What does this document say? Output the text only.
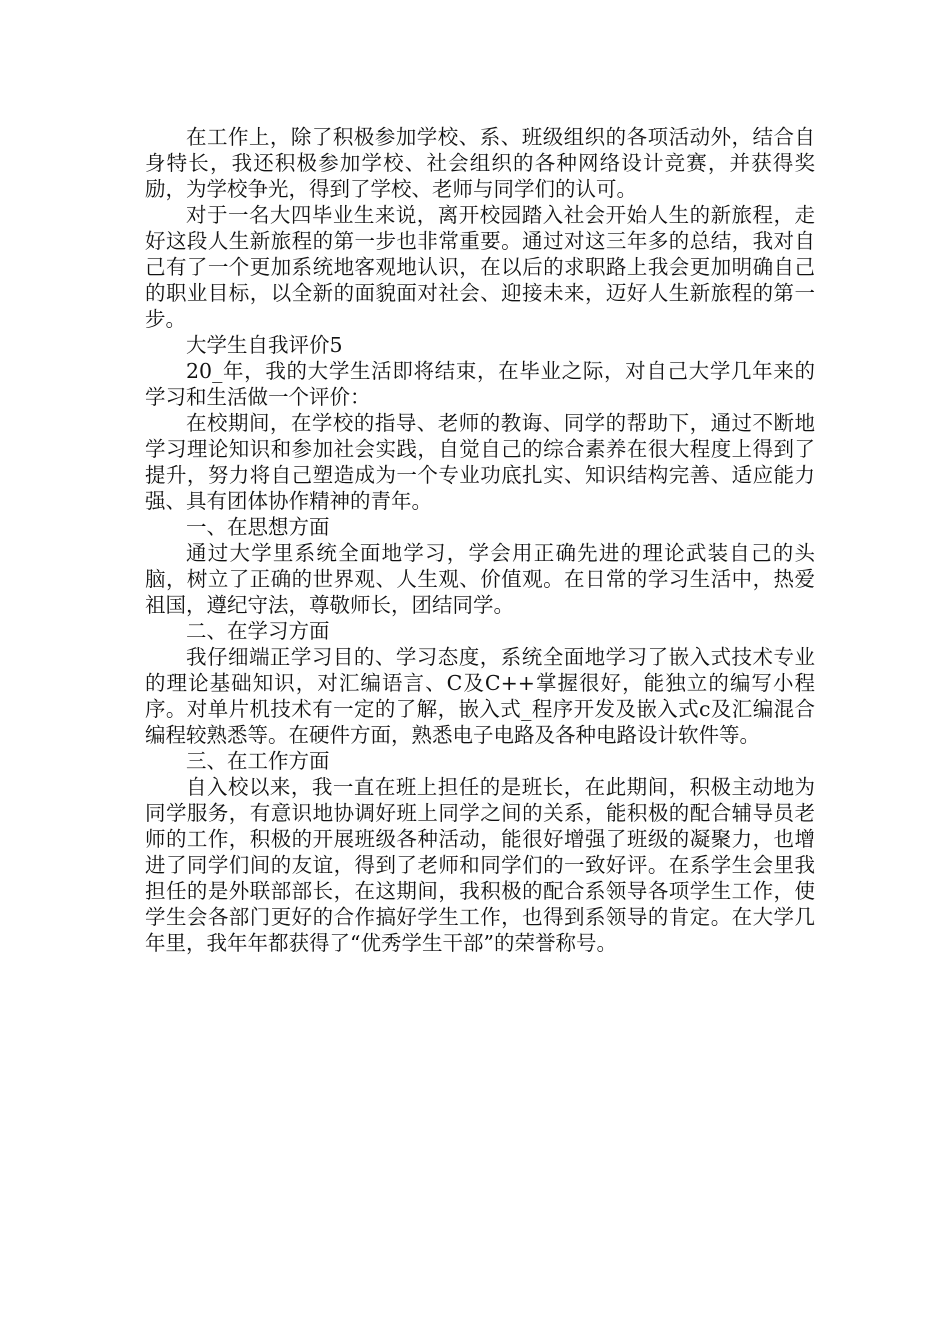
在工作上，除了积极参加学校、系、班级组织的各项活动外，结合自身特长，我还积极参加学校、社会组织的各种网络设计竞赛，并获得奖励，为学校争光，得到了学校、老师与同学们的认可。

对于一名大四毕业生来说，离开校园踏入社会开始人生的新旅程，走好这段人生新旅程的第一步也非常重要。通过对这三年多的总结，我对自己有了一个更加系统地客观地认识，在以后的求职路上我会更加明确自己的职业目标，以全新的面貌面对社会、迎接未来，迈好人生新旅程的第一步。

大学生自我评价5

20_年，我的大学生活即将结束，在毕业之际，对自己大学几年来的学习和生活做一个评价：

在校期间，在学校的指导、老师的教诲、同学的帮助下，通过不断地学习理论知识和参加社会实践，自觉自己的综合素养在很大程度上得到了提升，努力将自己塑造成为一个专业功底扎实、知识结构完善、适应能力强、具有团体协作精神的青年。

一、在思想方面

通过大学里系统全面地学习，学会用正确先进的理论武装自己的头脑，树立了正确的世界观、人生观、价值观。在日常的学习生活中，热爱祖国，遵纪守法，尊敬师长，团结同学。

二、在学习方面

我仔细端正学习目的、学习态度，系统全面地学习了嵌入式技术专业的理论基础知识，对汇编语言、C及C++掌握很好，能独立的编写小程序。对单片机技术有一定的了解，嵌入式_程序开发及嵌入式c及汇编混合编程较熟悉等。在硬件方面，熟悉电子电路及各种电路设计软件等。

三、在工作方面

自入校以来，我一直在班上担任的是班长，在此期间，积极主动地为同学服务，有意识地协调好班上同学之间的关系，能积极的配合辅导员老师的工作，积极的开展班级各种活动，能很好增强了班级的凝聚力，也增进了同学们间的友谊，得到了老师和同学们的一致好评。在系学生会里我担任的是外联部部长，在这期间，我积极的配合系领导各项学生工作，使学生会各部门更好的合作搞好学生工作，也得到系领导的肯定。在大学几年里，我年年都获得了“优秀学生干部”的荣誉称号。
